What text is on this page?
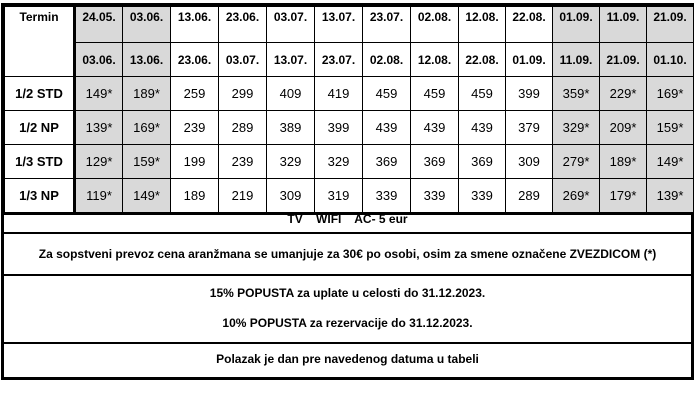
Termin	24.05.	03.06.	13.06.	23.06.	03.07.	13.07.	23.07.	02.08.	12.08.	22.08.	01.09.	11.09.	21.09.
	03.06.	13.06.	23.06.	03.07.	13.07.	23.07.	02.08.	12.08.	22.08.	01.09.	11.09.	21.09.	01.10.
1/2 STD	149*	189*	259	299	409	419	459	459	459	399	359*	229*	169*
1/2 NP	139*	169*	239	289	389	399	439	439	439	379	329*	209*	159*
1/3 STD	129*	159*	199	239	329	329	369	369	369	309	279*	189*	149*
1/3 NP	119*	149*	189	219	309	319	339	339	339	289	269*	179*	139*
TV    WIFI    AC- 5 eur
Za sopstveni prevoz cena aranžmana se umanjuje za 30€ po osobi, osim za smene označene ZVEZDICOM (*)
15% POPUSTA za uplate u celosti do 31.12.2023.
10% POPUSTA za rezervacije do 31.12.2023.
Polazak je dan pre navedenog datuma u tabeli
